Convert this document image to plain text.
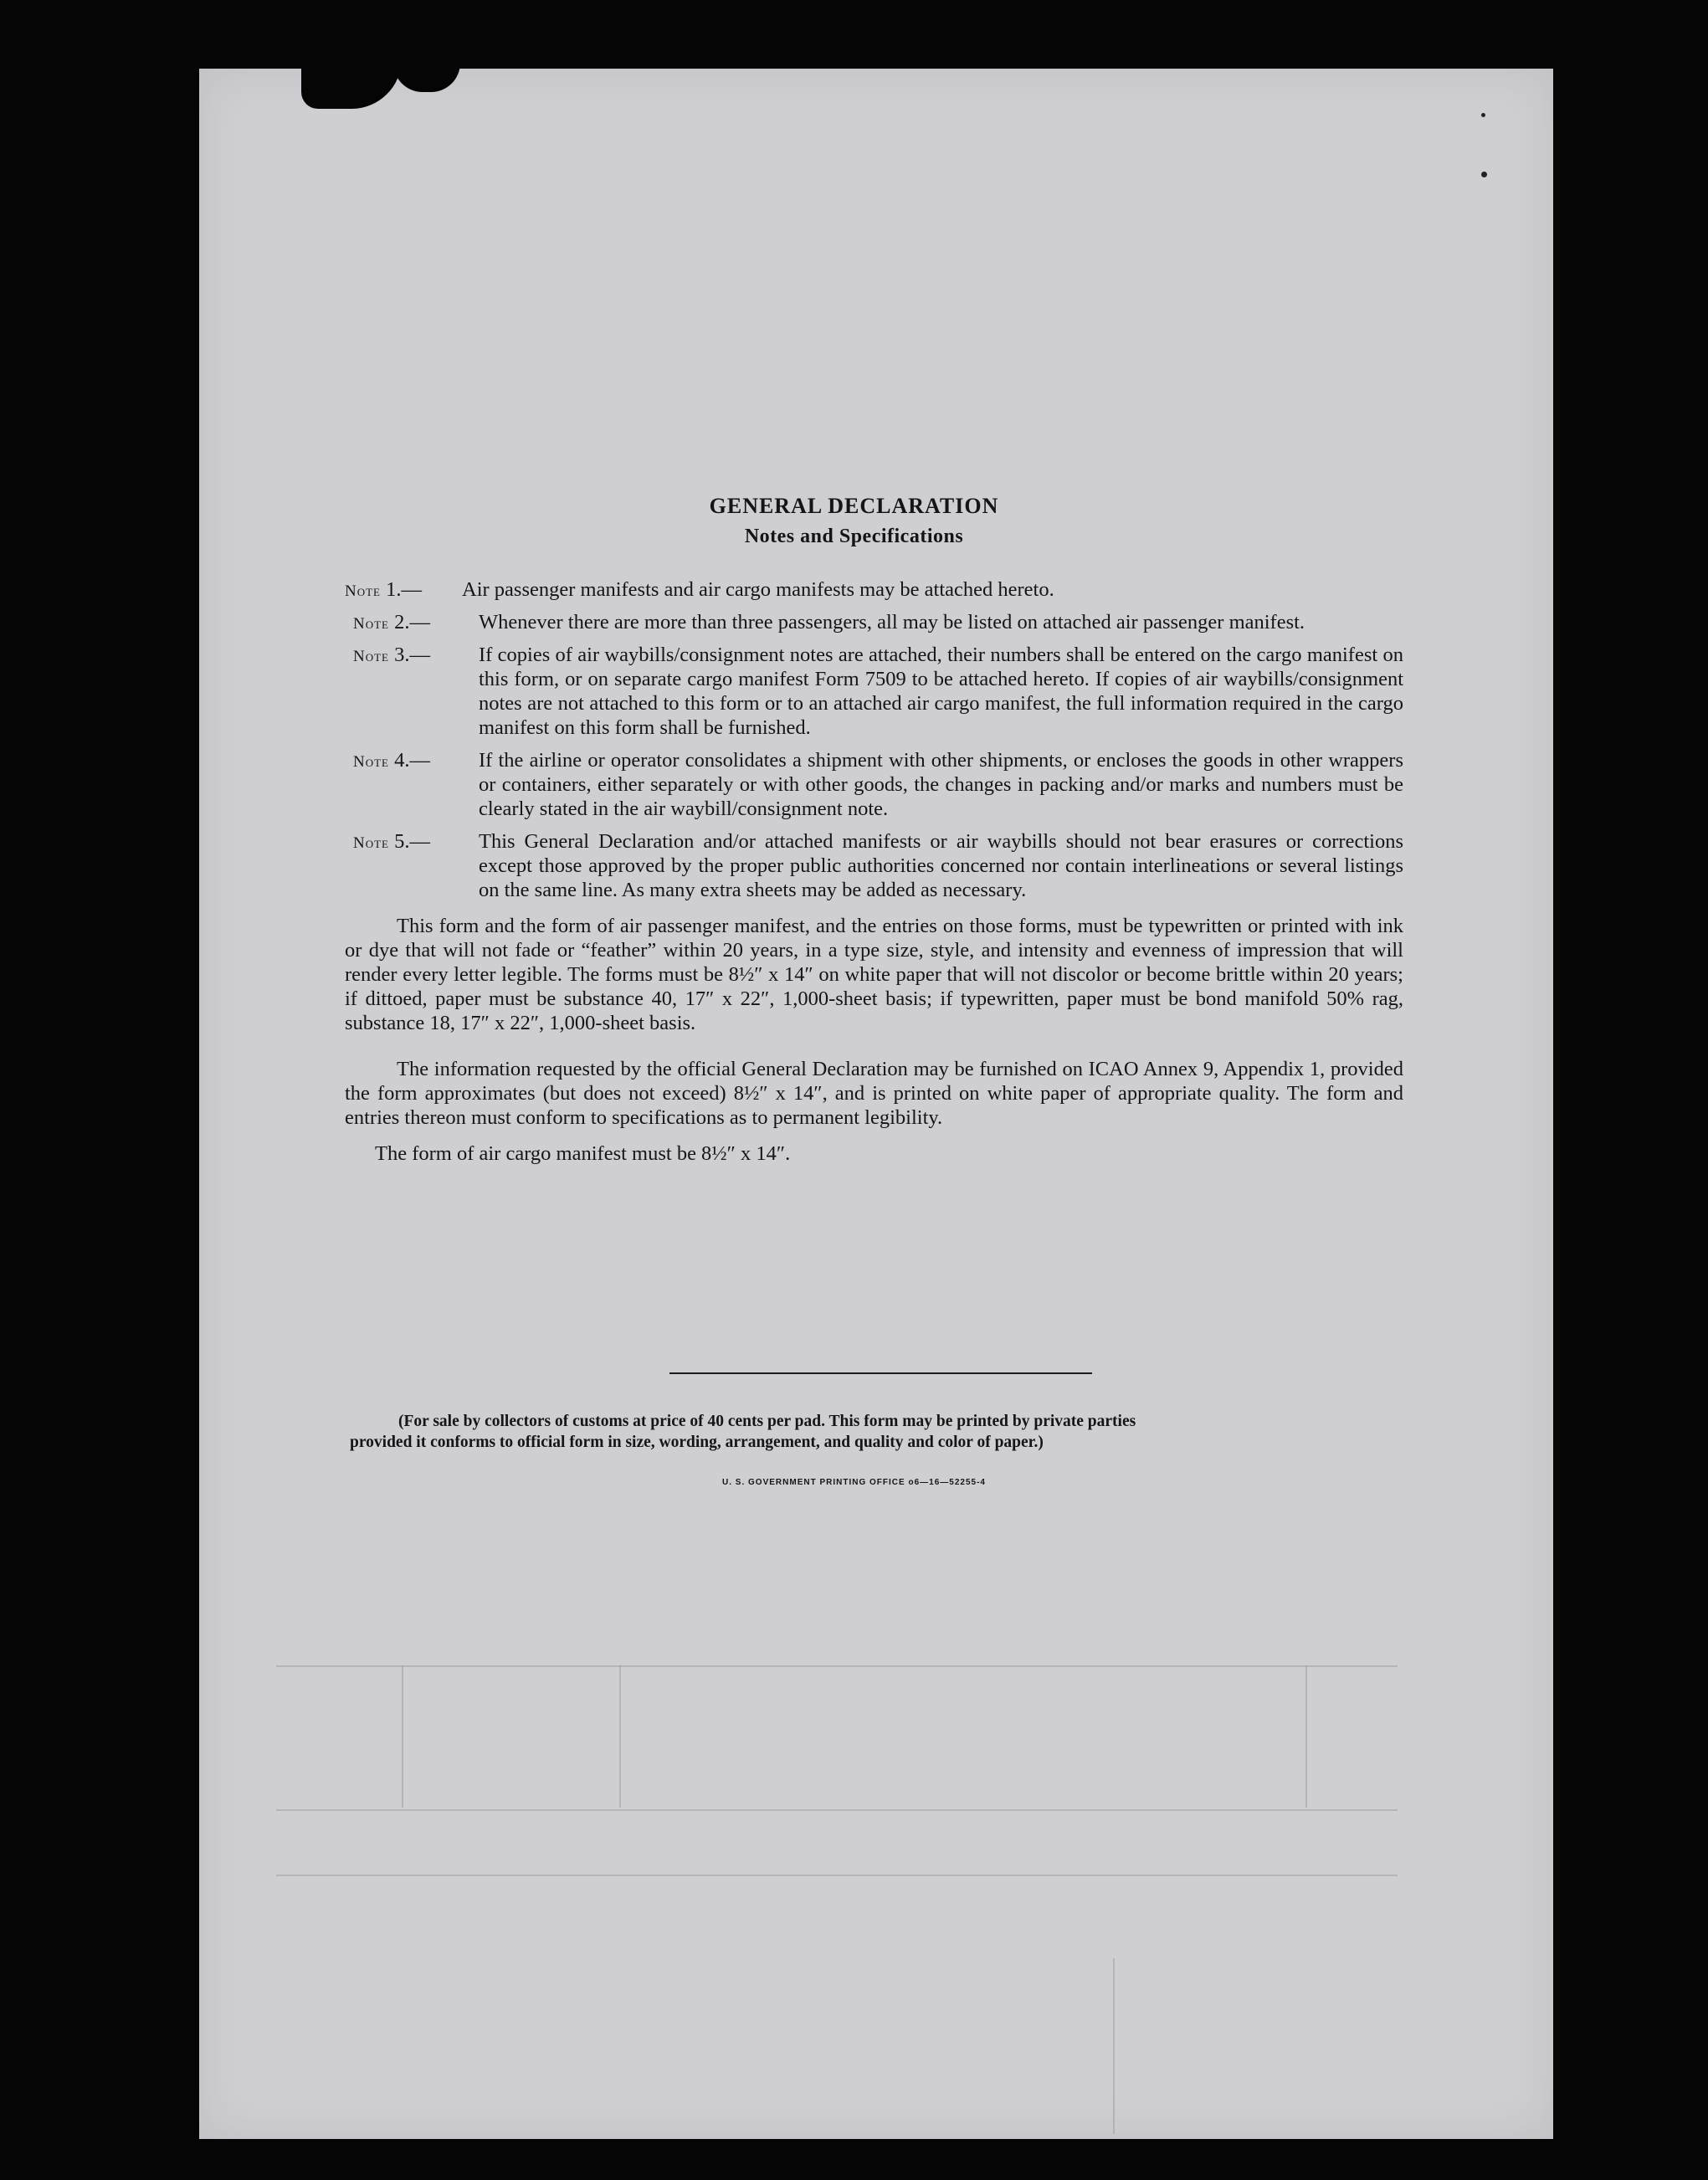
GENERAL DECLARATION
Notes and Specifications
Note 1.—	Air passenger manifests and air cargo manifests may be attached hereto.
Note 2.—	Whenever there are more than three passengers, all may be listed on attached air passenger manifest.
Note 3.—	If copies of air waybills/consignment notes are attached, their numbers shall be entered on the cargo manifest on this form, or on separate cargo manifest Form 7509 to be attached hereto. If copies of air waybills/consignment notes are not attached to this form or to an attached air cargo manifest, the full information required in the cargo manifest on this form shall be furnished.
Note 4.—	If the airline or operator consolidates a shipment with other shipments, or encloses the goods in other wrappers or containers, either separately or with other goods, the changes in packing and/or marks and numbers must be clearly stated in the air waybill/consignment note.
Note 5.—	This General Declaration and/or attached manifests or air waybills should not bear erasures or corrections except those approved by the proper public authorities concerned nor contain interlineations or several listings on the same line. As many extra sheets may be added as necessary.

This form and the form of air passenger manifest, and the entries on those forms, must be typewritten or printed with ink or dye that will not fade or “feather” within 20 years, in a type size, style, and intensity and evenness of impression that will render every letter legible. The forms must be 8½″ x 14″ on white paper that will not discolor or become brittle within 20 years; if dittoed, paper must be substance 40, 17″ x 22″, 1,000-sheet basis; if typewritten, paper must be bond manifold 50% rag, substance 18, 17″ x 22″, 1,000-sheet basis.

The information requested by the official General Declaration may be furnished on ICAO Annex 9, Appendix 1, provided the form approximates (but does not exceed) 8½″ x 14″, and is printed on white paper of appropriate quality. The form and entries thereon must conform to specifications as to permanent legibility.

The form of air cargo manifest must be 8½″ x 14″.

(For sale by collectors of customs at price of 40 cents per pad. This form may be printed by private parties
provided it conforms to official form in size, wording, arrangement, and quality and color of paper.)
U. S. GOVERNMENT PRINTING OFFICE o6—16—52255-4
